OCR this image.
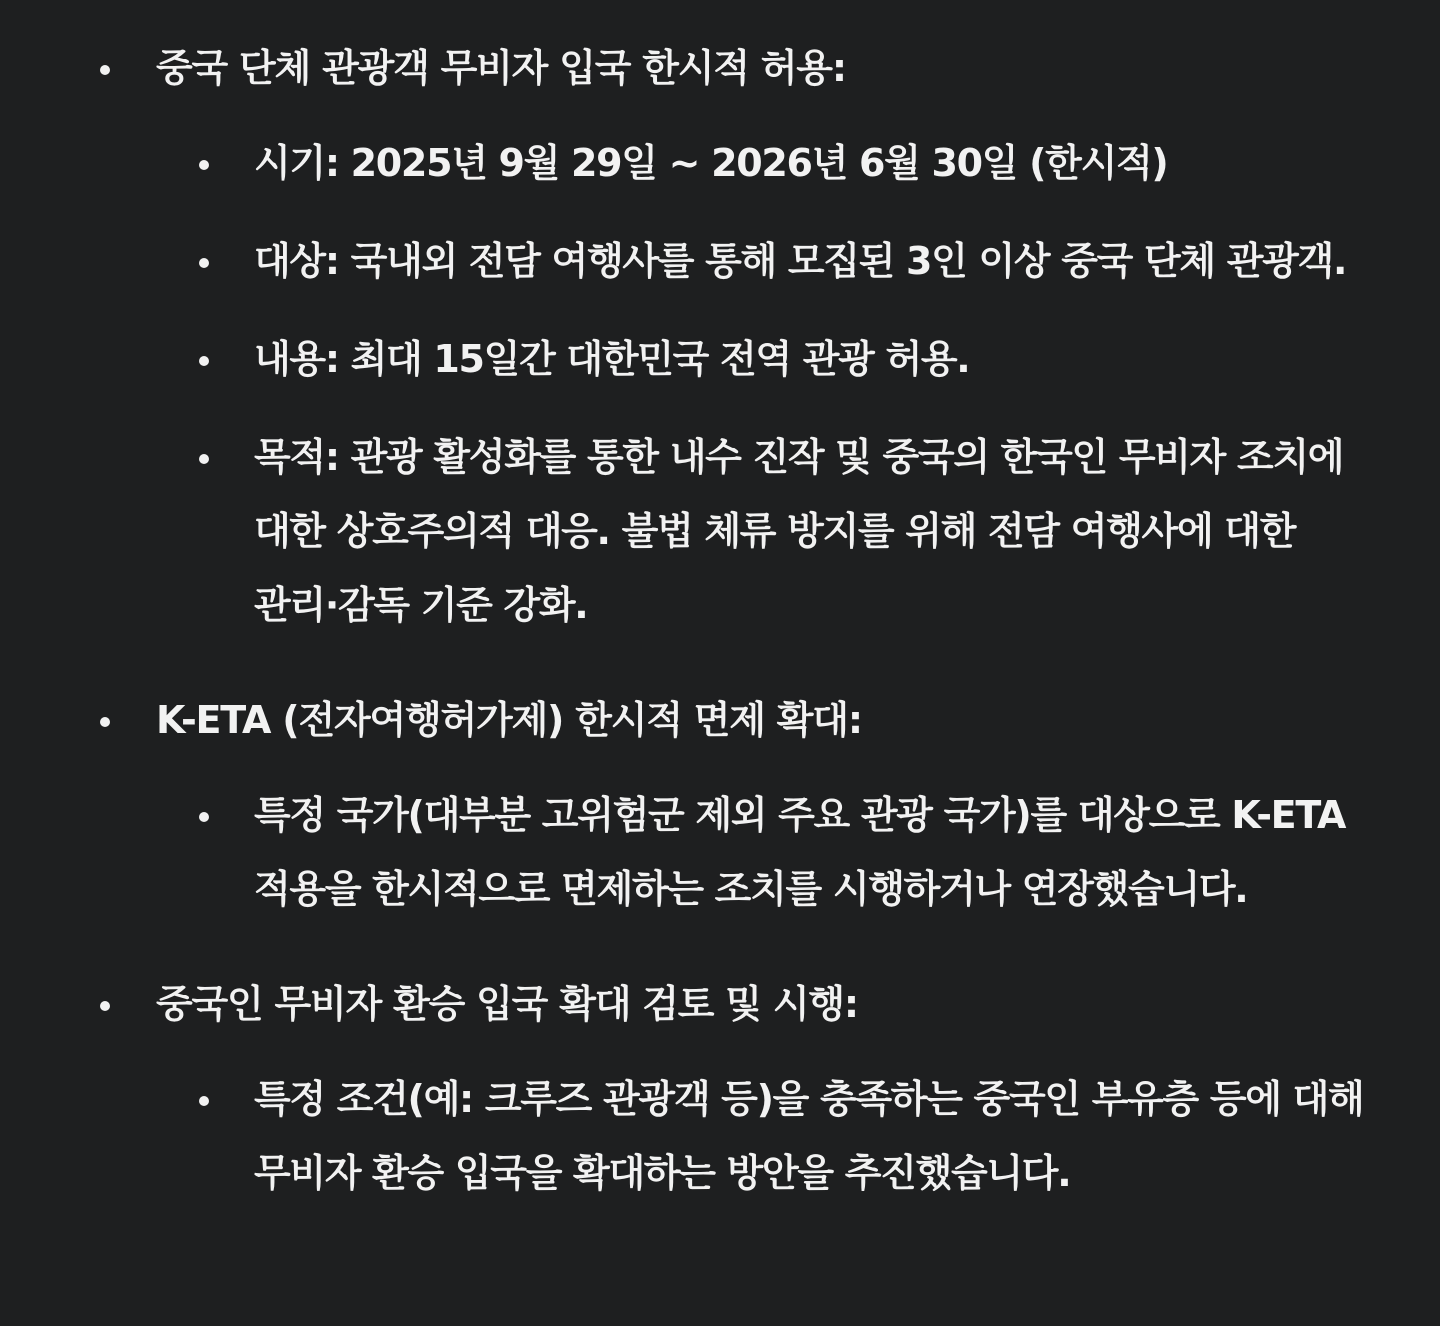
중국 단체 관광객 무비자 입국 한시적 허용:
시기: 2025년 9월 29일 ~ 2026년 6월 30일 (한시적)
대상: 국내외 전담 여행사를 통해 모집된 3인 이상 중국 단체 관광객.
내용: 최대 15일간 대한민국 전역 관광 허용.
목적: 관광 활성화를 통한 내수 진작 및 중국의 한국인 무비자 조치에 대한 상호주의적 대응. 불법 체류 방지를 위해 전담 여행사에 대한 관리·감독 기준 강화.
K-ETA (전자여행허가제) 한시적 면제 확대:
특정 국가(대부분 고위험군 제외 주요 관광 국가)를 대상으로 K-ETA 적용을 한시적으로 면제하는 조치를 시행하거나 연장했습니다.
중국인 무비자 환승 입국 확대 검토 및 시행:
특정 조건(예: 크루즈 관광객 등)을 충족하는 중국인 부유층 등에 대해 무비자 환승 입국을 확대하는 방안을 추진했습니다.
